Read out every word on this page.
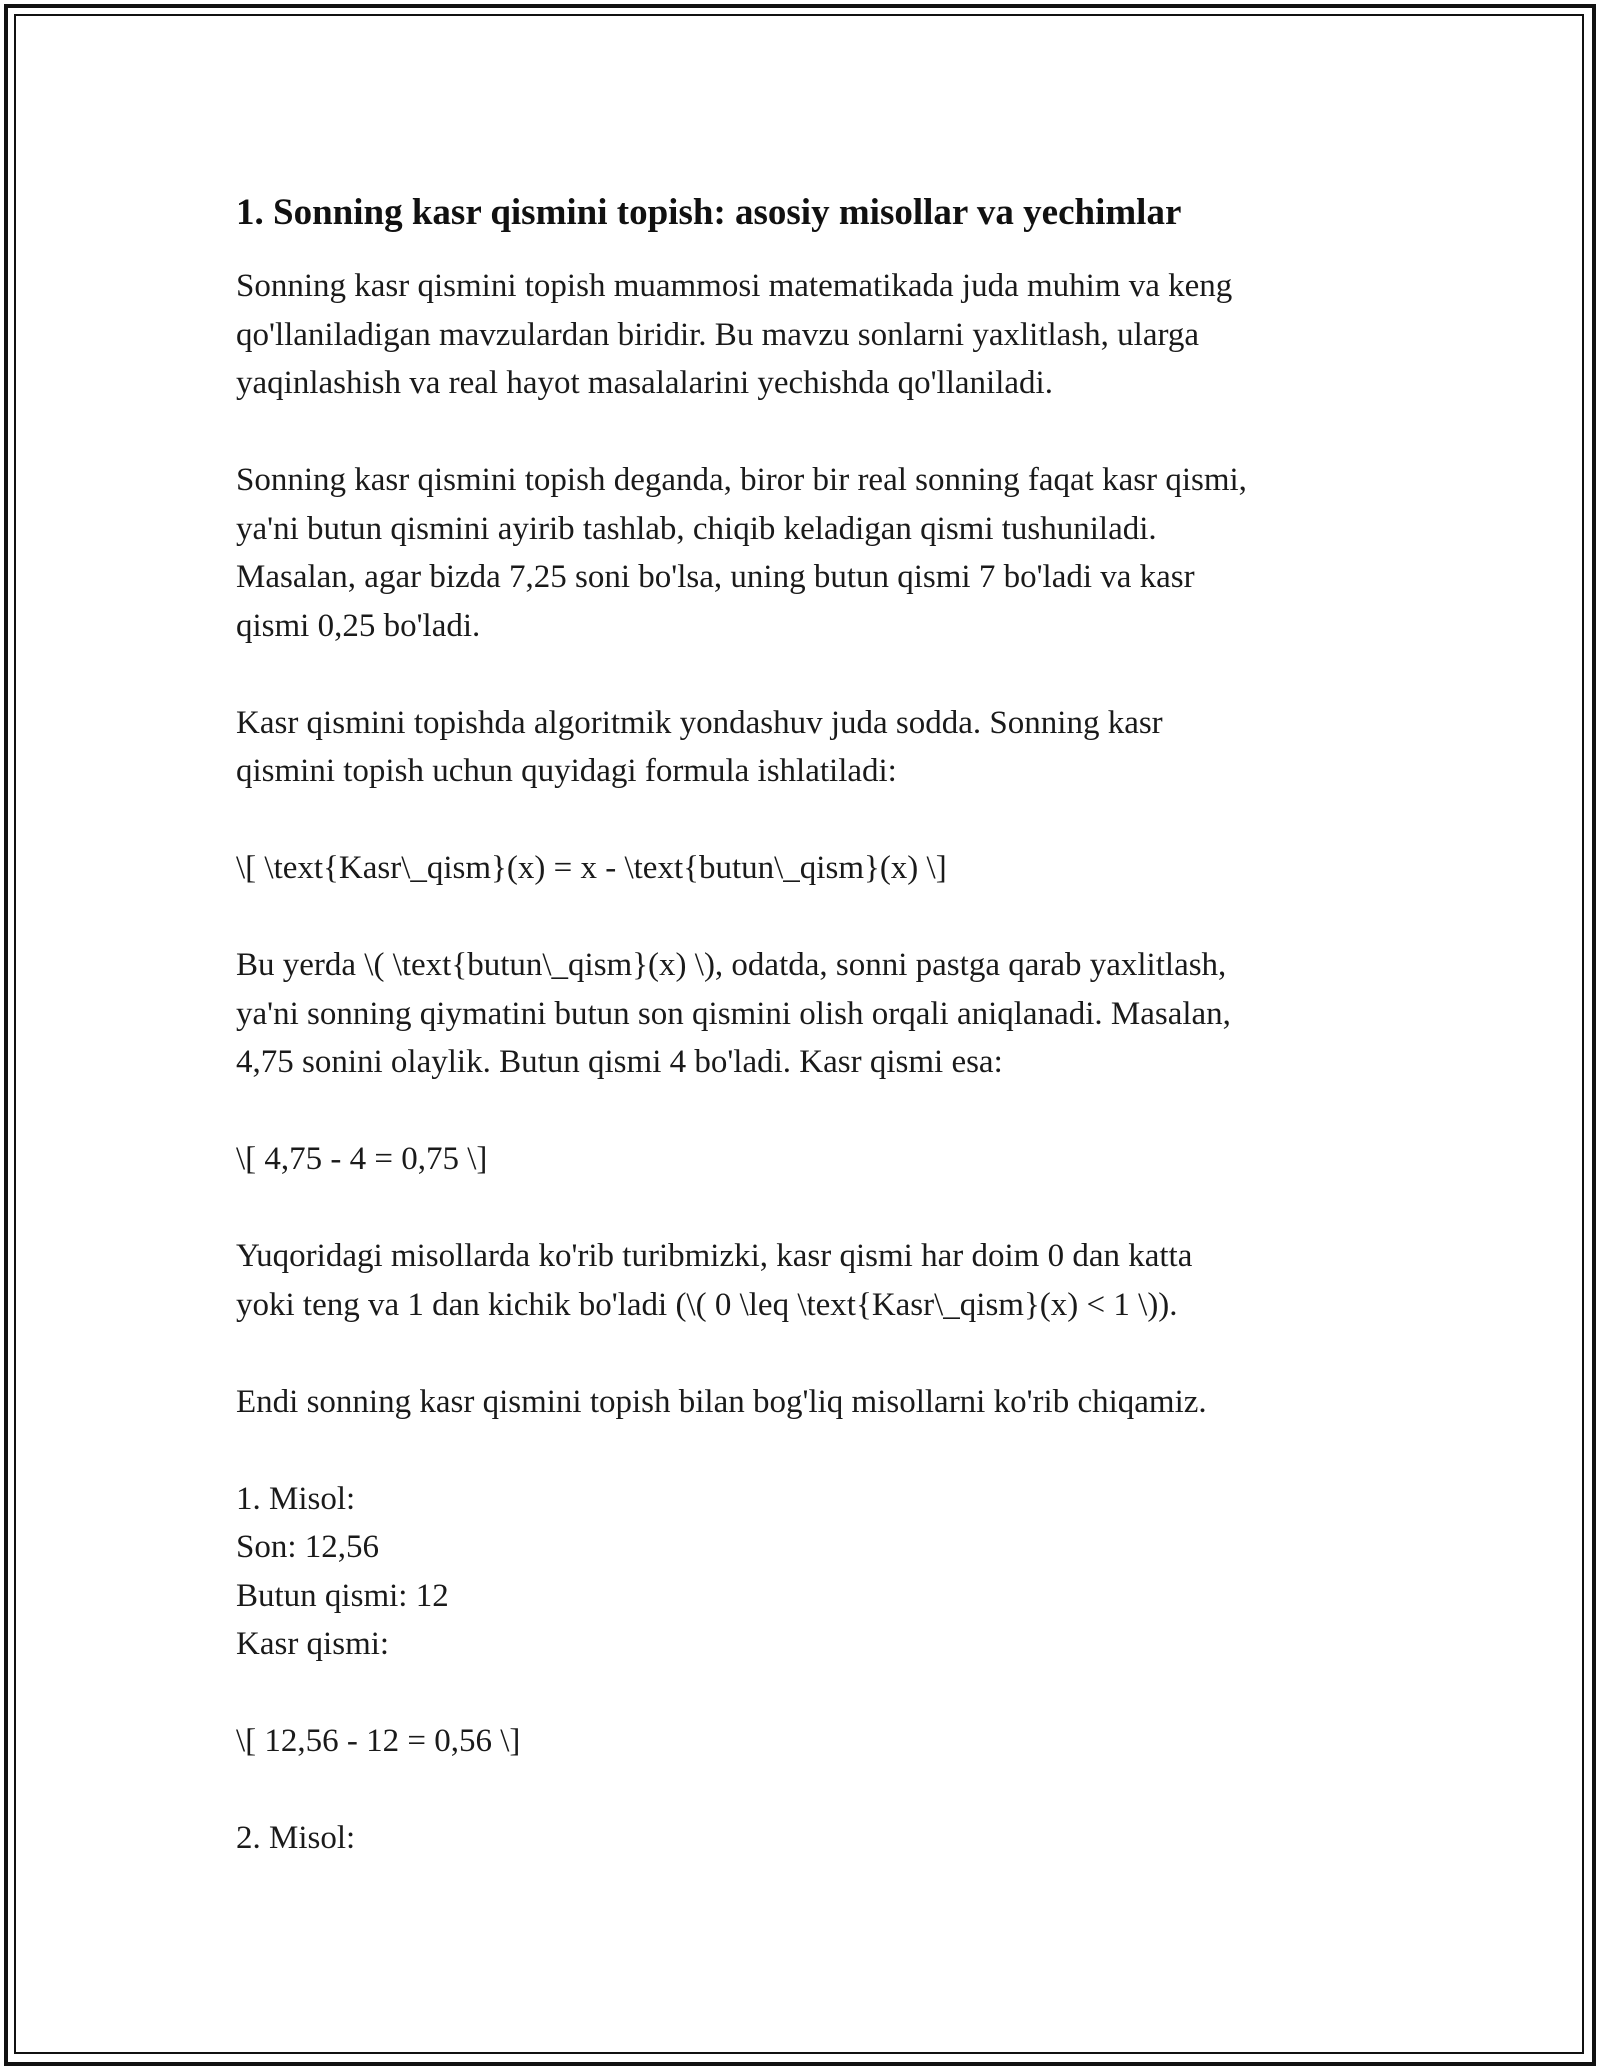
1. Sonning kasr qismini topish: asosiy misollar va yechimlar

Sonning kasr qismini topish muammosi matematikada juda muhim va keng
qo'llaniladigan mavzulardan biridir. Bu mavzu sonlarni yaxlitlash, ularga
yaqinlashish va real hayot masalalarini yechishda qo'llaniladi.

Sonning kasr qismini topish deganda, biror bir real sonning faqat kasr qismi,
ya'ni butun qismini ayirib tashlab, chiqib keladigan qismi tushuniladi.
Masalan, agar bizda 7,25 soni bo'lsa, uning butun qismi 7 bo'ladi va kasr
qismi 0,25 bo'ladi.

Kasr qismini topishda algoritmik yondashuv juda sodda. Sonning kasr
qismini topish uchun quyidagi formula ishlatiladi:

\[ \text{Kasr\_qism}(x) = x - \text{butun\_qism}(x) \]

Bu yerda \( \text{butun\_qism}(x) \), odatda, sonni pastga qarab yaxlitlash,
ya'ni sonning qiymatini butun son qismini olish orqali aniqlanadi. Masalan,
4,75 sonini olaylik. Butun qismi 4 bo'ladi. Kasr qismi esa:

\[ 4,75 - 4 = 0,75 \]

Yuqoridagi misollarda ko'rib turibmizki, kasr qismi har doim 0 dan katta
yoki teng va 1 dan kichik bo'ladi (\( 0 \leq \text{Kasr\_qism}(x) < 1 \)).

Endi sonning kasr qismini topish bilan bog'liq misollarni ko'rib chiqamiz.

1. Misol:
Son: 12,56
Butun qismi: 12
Kasr qismi:

\[ 12,56 - 12 = 0,56 \]

2. Misol:
